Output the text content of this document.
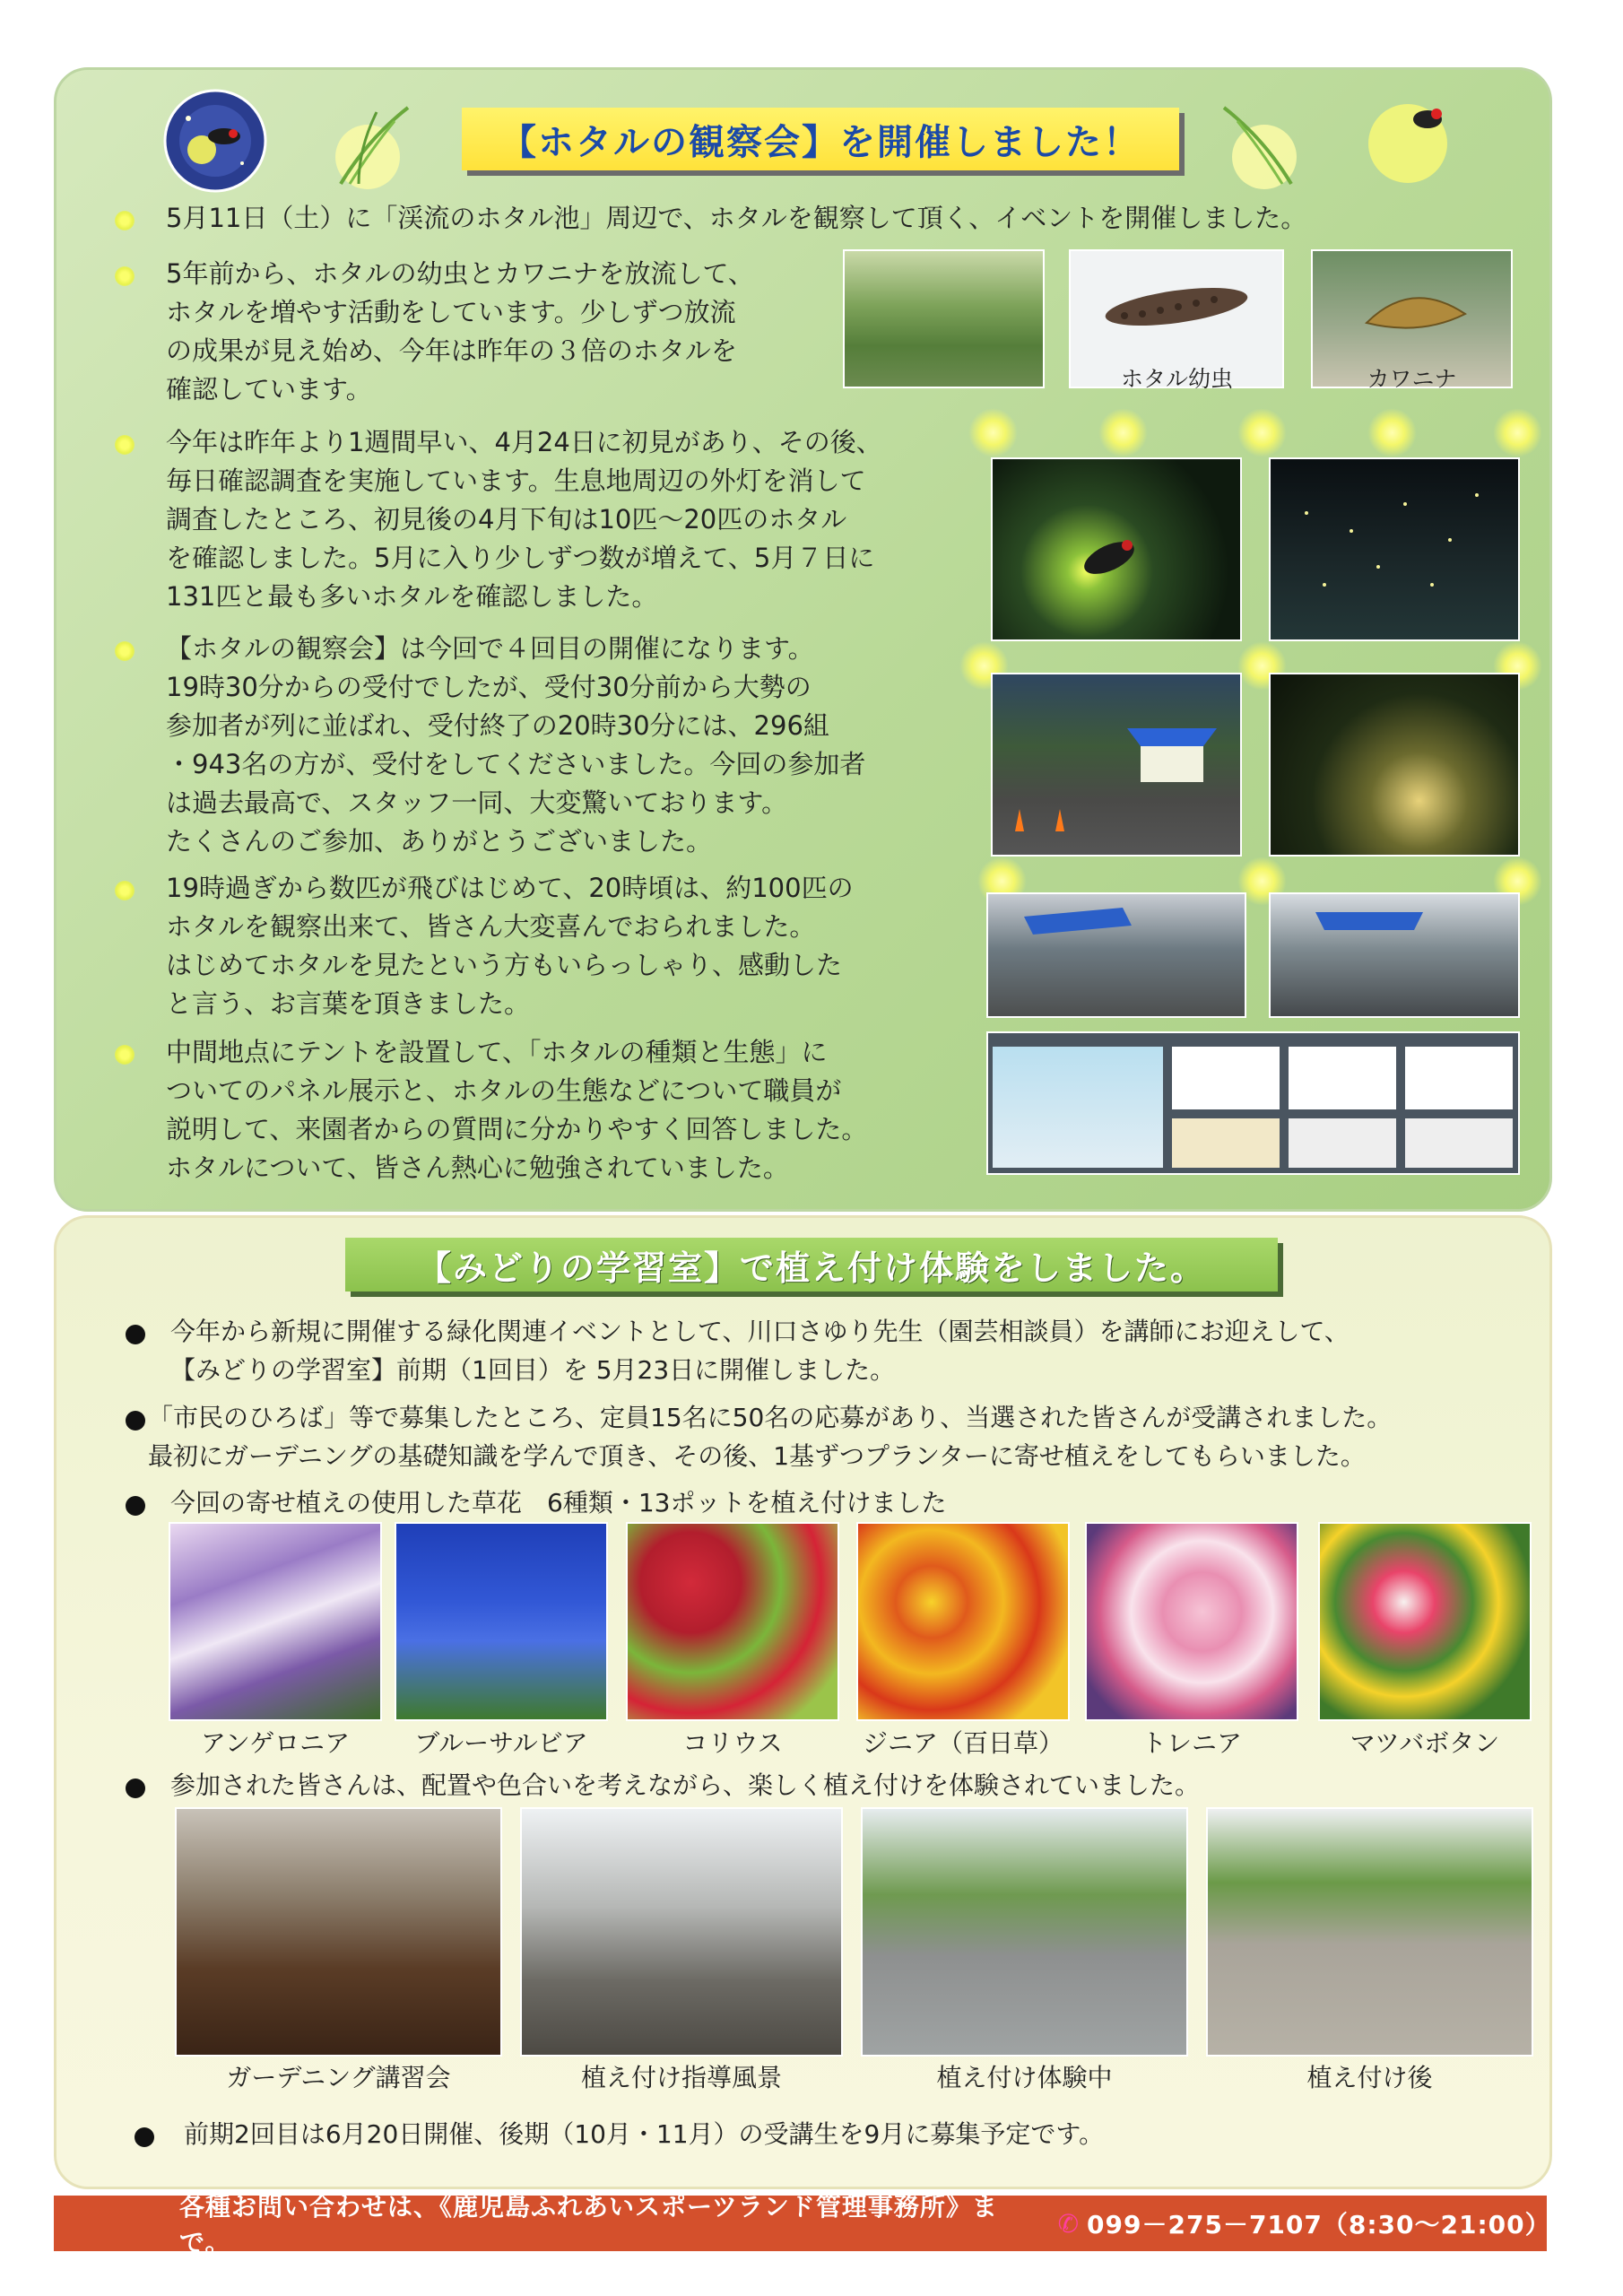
【ホタルの観察会】を開催しました！
5月11日（土）に「渓流のホタル池」周辺で、ホタルを観察して頂く、イベントを開催しました。
5年前から、ホタルの幼虫とカワニナを放流して、
ホタルを増やす活動をしています。少しずつ放流
の成果が見え始め、今年は昨年の３倍のホタルを
確認しています。	ホタル幼虫	カワニナ
今年は昨年より1週間早い、4月24日に初見があり、その後、
毎日確認調査を実施しています。生息地周辺の外灯を消して
調査したところ、初見後の4月下旬は10匹～20匹のホタル
を確認しました。5月に入り少しずつ数が増えて、5月７日に
131匹と最も多いホタルを確認しました。
【ホタルの観察会】は今回で４回目の開催になります。
19時30分からの受付でしたが、受付30分前から大勢の
参加者が列に並ばれ、受付終了の20時30分には、296組
・943名の方が、受付をしてくださいました。今回の参加者
は過去最高で、スタッフ一同、大変驚いております。
たくさんのご参加、ありがとうございました。
19時過ぎから数匹が飛びはじめて、20時頃は、約100匹の
ホタルを観察出来て、皆さん大変喜んでおられました。
はじめてホタルを見たという方もいらっしゃり、感動した
と言う、お言葉を頂きました。
中間地点にテントを設置して、「ホタルの種類と生態」に
ついてのパネル展示と、ホタルの生態などについて職員が
説明して、来園者からの質問に分かりやすく回答しました。
ホタルについて、皆さん熱心に勉強されていました。
【みどりの学習室】で植え付け体験をしました。
今年から新規に開催する緑化関連イベントとして、川口さゆり先生（園芸相談員）を講師にお迎えして、
【みどりの学習室】前期（1回目）を 5月23日に開催しました。
「市民のひろば」等で募集したところ、定員15名に50名の応募があり、当選された皆さんが受講されました。
最初にガーデニングの基礎知識を学んで頂き、その後、1基ずつプランターに寄せ植えをしてもらいました。
今回の寄せ植えの使用した草花　6種類・13ポットを植え付けました
アンゲロニア	ブルーサルビア	コリウス	ジニア（百日草）	トレニア	マツバボタン
参加された皆さんは、配置や色合いを考えながら、楽しく植え付けを体験されていました。
ガーデニング講習会	植え付け指導風景	植え付け体験中	植え付け後
前期2回目は6月20日開催、後期（10月・11月）の受講生を9月に募集予定です。
各種お問い合わせは、《鹿児島ふれあいスポーツランド管理事務所》まで。
✆ 099－275－7107（8:30～21:00）
